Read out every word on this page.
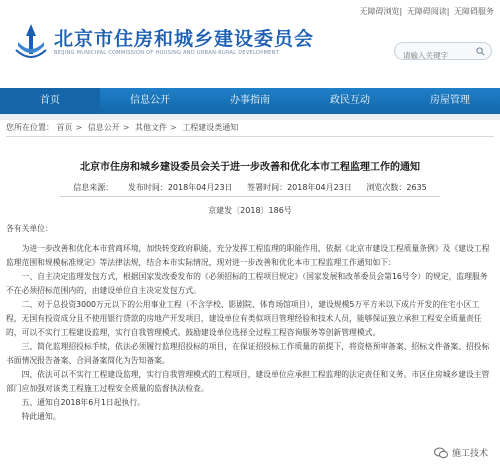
北京市住房和城乡建设委员会
BEIJING MUNICIPAL COMMISSION OF HOUSING AND URBAN-RURAL DEVELOPMENT
无障碍浏览| 无障碍阅读| 无障碍服务
请输入关键字
首页	信息公开	办事指南	政民互动	房屋管理
您所在位置： 首页 > 信息公开 > 其他文件 > 工程建设类通知
北京市住房和城乡建设委员会关于进一步改善和优化本市工程监理工作的通知
信息来源： 发布时间：2018年04月23日 签署时间：2018年04月23日 浏览次数：2635
京建发〔2018〕186号

各有关单位：

为进一步改善和优化本市营商环境，加快转变政府职能，充分发挥工程监理的职能作用，依据《北京市建设工程质量条例》及《建设工程监理范围和规模标准规定》等法律法规，结合本市实际情况，现对进一步改善和优化本市工程监理工作通知如下：

一、自主决定监理发包方式，根据国家发改委发布的《必须招标的工程项目规定》（国家发展和改革委员会第16号令）的规定，监理服务不在必须招标范围内的，由建设单位自主决定发包方式。

二、对于总投资3000万元以下的公用事业工程（不含学校、影剧院、体育场馆项目），建设规模5万平方米以下成片开发的住宅小区工程，无国有投资成分且不使用银行贷款的房地产开发项目，建设单位有类似项目管理经验和技术人员，能够保证独立承担工程安全质量责任的，可以不实行工程建设监理，实行自我管理模式。鼓励建设单位选择全过程工程咨询服务等创新管理模式。

三、简化监理招投标手续，依法必须履行监理招投标的项目，在保证招投标工作质量的前提下，将资格预审备案、招标文件备案、招投标书面情况报告备案、合同备案简化为告知备案。

四、依法可以不实行工程建设监理，实行自我管理模式的工程项目，建设单位应承担工程监理的法定责任和义务。市区住房城乡建设主管部门应加强对该类工程施工过程安全质量的监督执法检查。

五、通知自2018年6月1日起执行。

特此通知。

施工技术
